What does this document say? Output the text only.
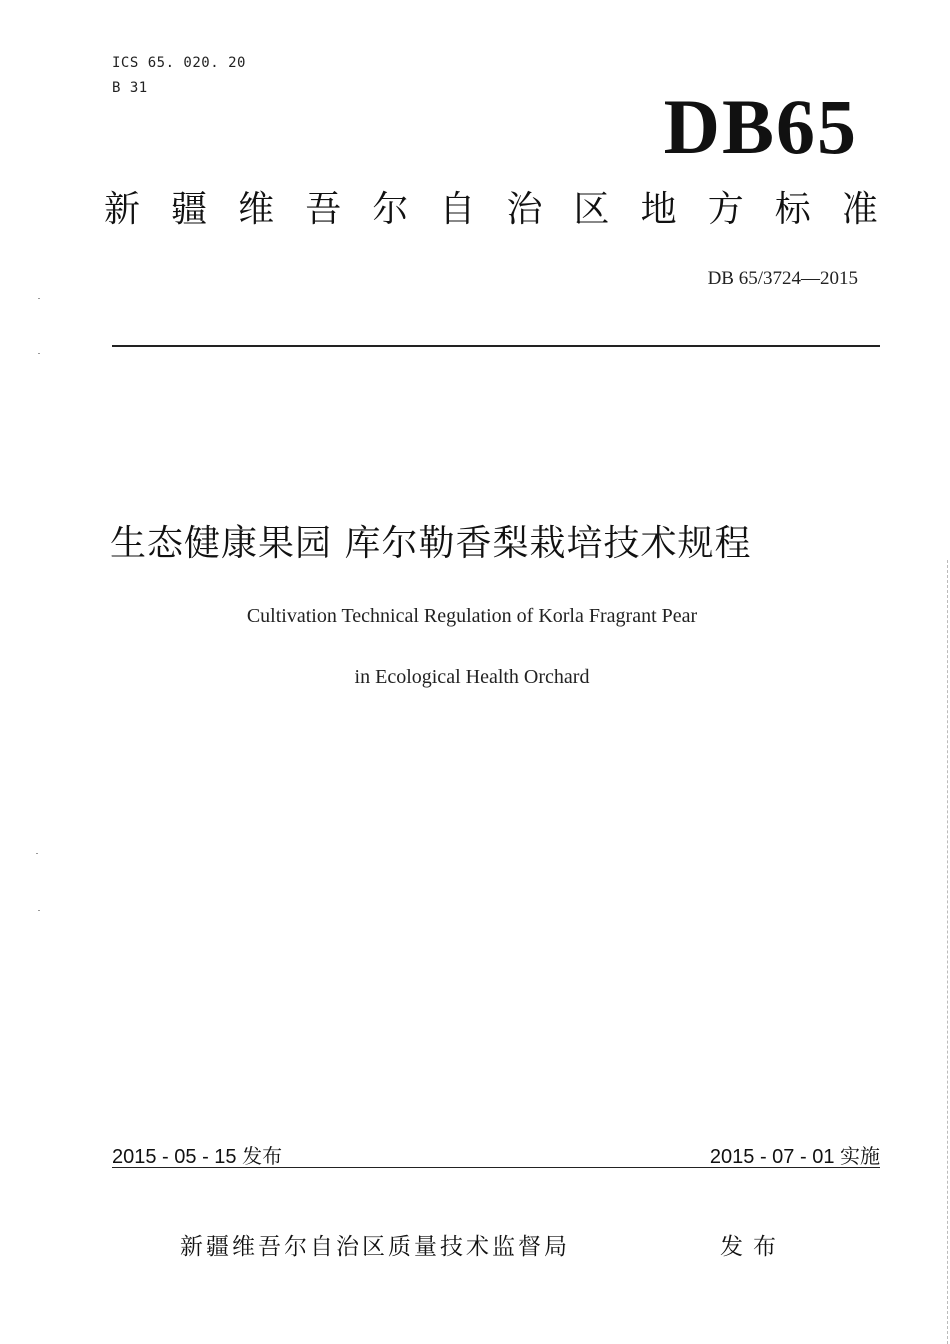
ICS 65. 020. 20
B 31	DB65
新 疆 维 吾 尔 自 治 区 地 方 标 准
DB 65/3724—2015
生态健康果园 库尔勒香梨栽培技术规程
Cultivation Technical Regulation of Korla Fragrant Pear
in Ecological Health Orchard
2015 - 05 - 15 发布	2015 - 07 - 01 实施
新疆维吾尔自治区质量技术监督局	发布
